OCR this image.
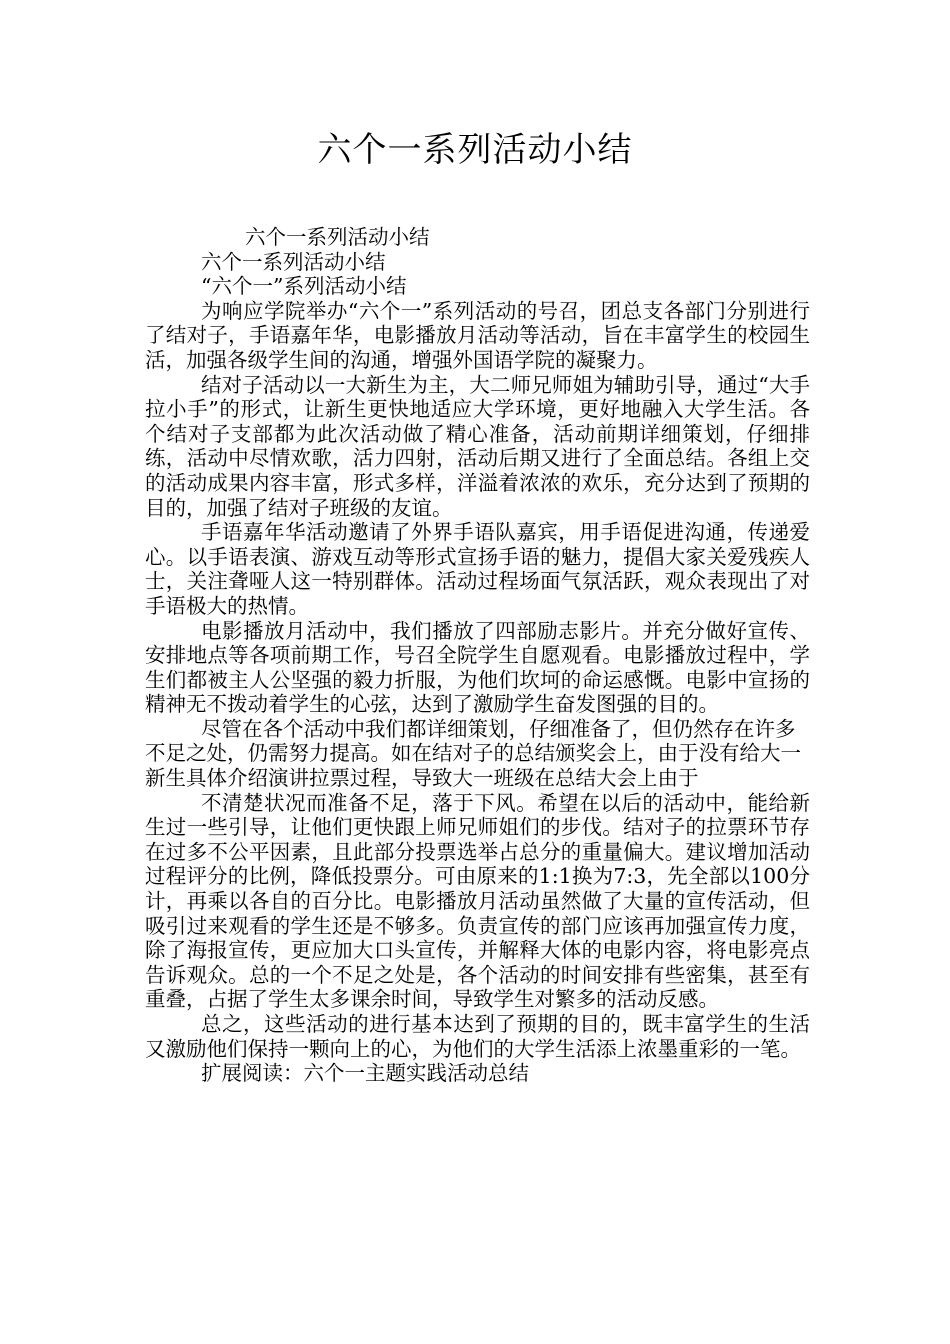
六个一系列活动小结

六个一系列活动小结

六个一系列活动小结

“六个一”系列活动小结

为响应学院举办“六个一”系列活动的号召，团总支各部门分别进行了结对子，手语嘉年华，电影播放月活动等活动，旨在丰富学生的校园生活，加强各级学生间的沟通，增强外国语学院的凝聚力。

结对子活动以一大新生为主，大二师兄师姐为辅助引导，通过“大手拉小手”的形式，让新生更快地适应大学环境，更好地融入大学生活。各个结对子支部都为此次活动做了精心准备，活动前期详细策划，仔细排练，活动中尽情欢歌，活力四射，活动后期又进行了全面总结。各组上交的活动成果内容丰富，形式多样，洋溢着浓浓的欢乐，充分达到了预期的目的，加强了结对子班级的友谊。

手语嘉年华活动邀请了外界手语队嘉宾，用手语促进沟通，传递爱心。以手语表演、游戏互动等形式宣扬手语的魅力，提倡大家关爱残疾人士，关注聋哑人这一特别群体。活动过程场面气氛活跃，观众表现出了对手语极大的热情。

电影播放月活动中，我们播放了四部励志影片。并充分做好宣传、安排地点等各项前期工作，号召全院学生自愿观看。电影播放过程中，学生们都被主人公坚强的毅力折服，为他们坎坷的命运感慨。电影中宣扬的精神无不拨动着学生的心弦，达到了激励学生奋发图强的目的。

尽管在各个活动中我们都详细策划，仔细准备了，但仍然存在许多不足之处，仍需努力提高。如在结对子的总结颁奖会上，由于没有给大一新生具体介绍演讲拉票过程，导致大一班级在总结大会上由于

不清楚状况而准备不足，落于下风。希望在以后的活动中，能给新生过一些引导，让他们更快跟上师兄师姐们的步伐。结对子的拉票环节存在过多不公平因素，且此部分投票选举占总分的重量偏大。建议增加活动过程评分的比例，降低投票分。可由原来的1:1换为7:3，先全部以100分计，再乘以各自的百分比。电影播放月活动虽然做了大量的宣传活动，但吸引过来观看的学生还是不够多。负责宣传的部门应该再加强宣传力度，除了海报宣传，更应加大口头宣传，并解释大体的电影内容，将电影亮点告诉观众。总的一个不足之处是，各个活动的时间安排有些密集，甚至有重叠，占据了学生太多课余时间，导致学生对繁多的活动反感。

总之，这些活动的进行基本达到了预期的目的，既丰富学生的生活又激励他们保持一颗向上的心，为他们的大学生活添上浓墨重彩的一笔。

扩展阅读：六个一主题实践活动总结
